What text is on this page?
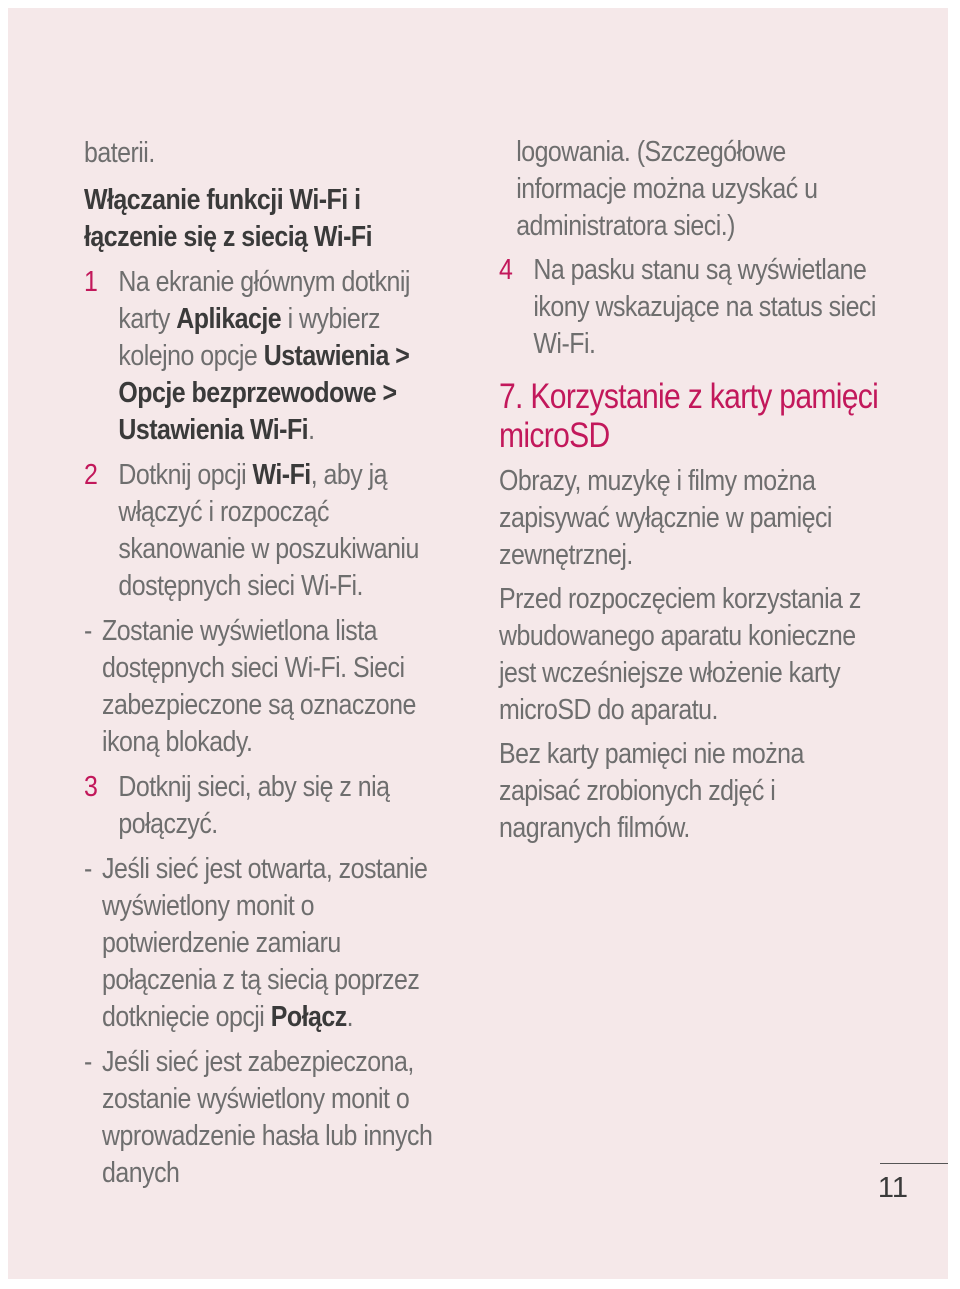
baterii.

Włączanie funkcji Wi-Fi i
łączenie się z siecią Wi-Fi

1 Na ekranie głównym dotknij karty Aplikacje i wybierz kolejno opcje Ustawienia > Opcje bezprzewodowe > Ustawienia Wi-Fi.
2 Dotknij opcji Wi-Fi, aby ją włączyć i rozpocząć skanowanie w poszukiwaniu dostępnych sieci Wi-Fi.
- Zostanie wyświetlona lista dostępnych sieci Wi-Fi. Sieci zabezpieczone są oznaczone ikoną blokady.
3 Dotknij sieci, aby się z nią połączyć.
- Jeśli sieć jest otwarta, zostanie wyświetlony monit o potwierdzenie zamiaru połączenia z tą siecią poprzez dotknięcie opcji Połącz.
- Jeśli sieć jest zabezpieczona, zostanie wyświetlony monit o wprowadzenie hasła lub innych danych

logowania. (Szczegółowe informacje można uzyskać u administratora sieci.)

4 Na pasku stanu są wyświetlane ikony wskazujące na status sieci Wi-Fi.

7. Korzystanie z karty pamięci microSD

Obrazy, muzykę i filmy można zapisywać wyłącznie w pamięci zewnętrznej.

Przed rozpoczęciem korzystania z wbudowanego aparatu konieczne jest wcześniejsze włożenie karty microSD do aparatu.

Bez karty pamięci nie można zapisać zrobionych zdjęć i nagranych filmów.

11
